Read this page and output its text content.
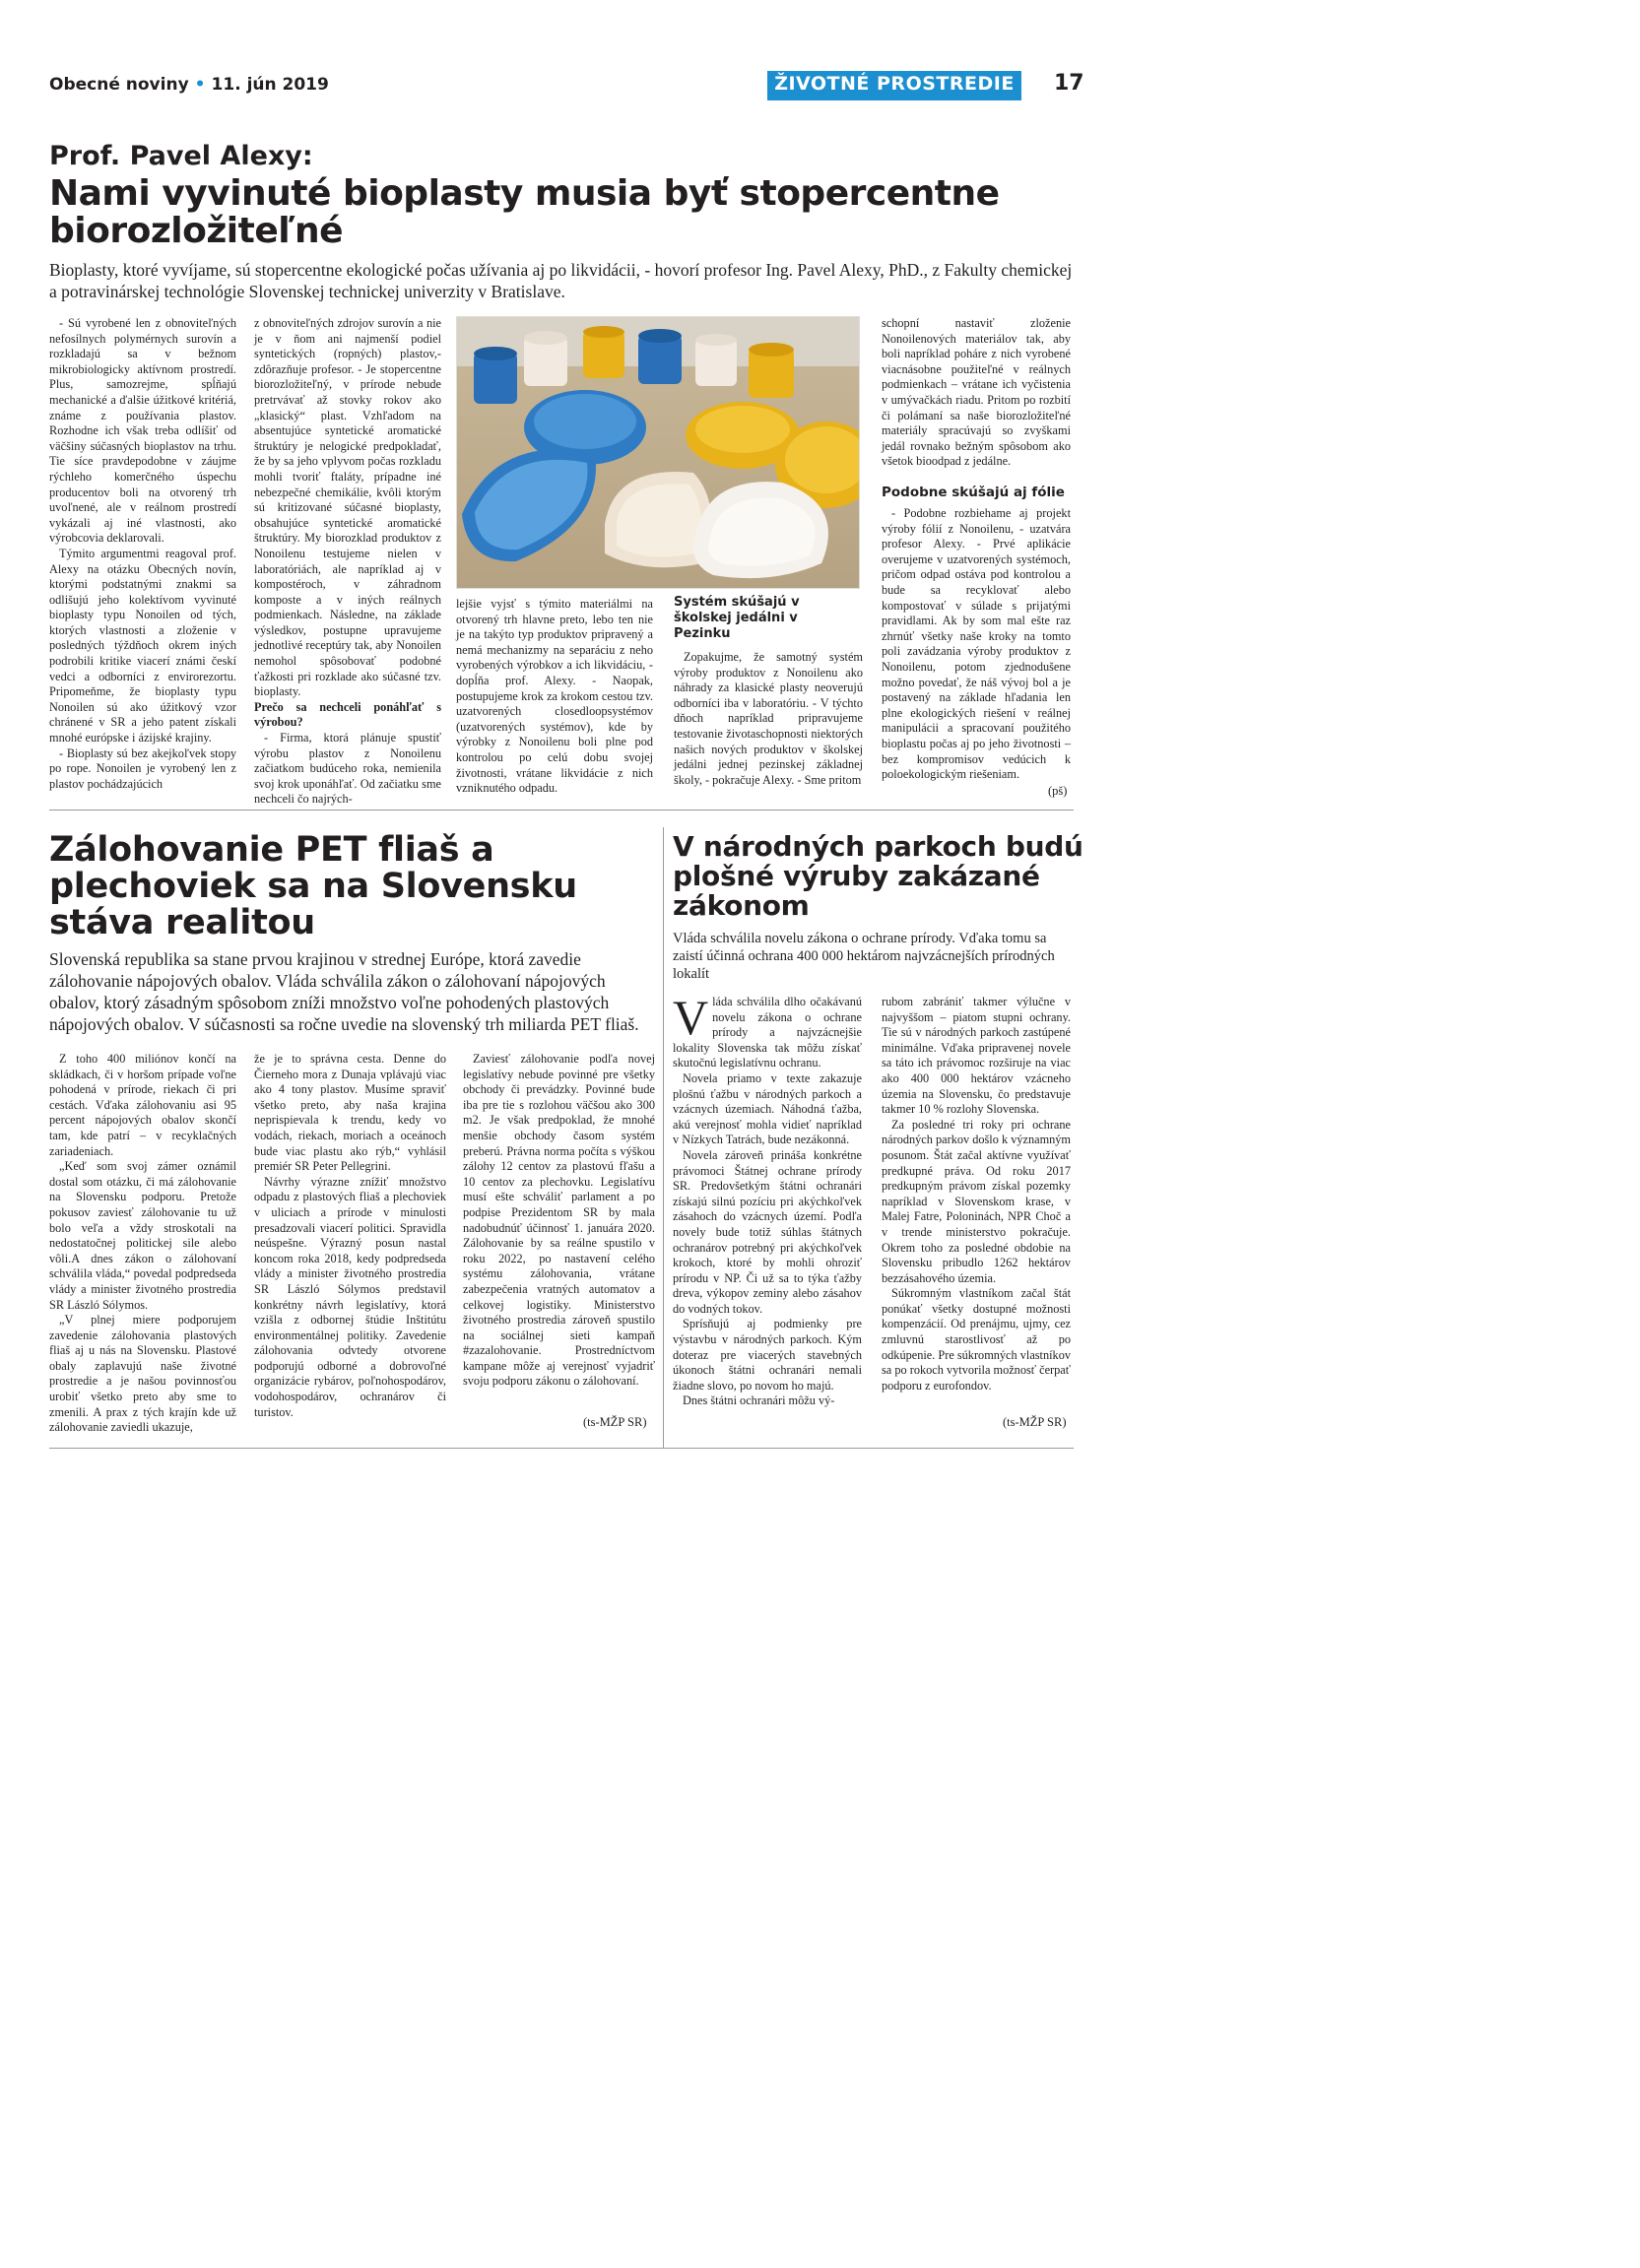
Obecné noviny • 11. jún 2019	ŽIVOTNÉ PROSTREDIE	17
Prof. Pavel Alexy:
Nami vyvinuté bioplasty musia byť stopercentne biorozložiteľné
Bioplasty, ktoré vyvíjame, sú stopercentne ekologické počas užívania aj po likvidácii, - hovorí profesor Ing. Pavel Alexy, PhD., z Fakulty chemickej a potravinárskej technológie Slovenskej technickej univerzity v Bratislave.

- Sú vyrobené len z obnoviteľných nefosílnych polymérnych surovín a rozkladajú sa v bežnom mikrobiologicky aktívnom prostredí. Plus, samozrejme, spĺňajú mechanické a ďalšie úžitkové kritériá, známe z používania plastov. Rozhodne ich však treba odlíšiť od väčšiny súčasných bioplastov na trhu. Tie síce pravdepodobne v záujme rýchleho komerčného úspechu producentov boli na otvorený trh uvoľnené, ale v reálnom prostredí vykázali aj iné vlastnosti, ako výrobcovia deklarovali.

Týmito argumentmi reagoval prof. Alexy na otázku Obecných novín, ktorými podstatnými znakmi sa odlišujú jeho kolektívom vyvinuté bioplasty typu Nonoilen od tých, ktorých vlastnosti a zloženie v posledných týždňoch okrem iných podrobili kritike viacerí známi českí vedci a odborníci z envirorezortu. Pripomeňme, že bioplasty typu Nonoilen sú ako úžitkový vzor chránené v SR a jeho patent získali mnohé európske i ázijské krajiny.

- Bioplasty sú bez akejkoľvek stopy po rope. Nonoilen je vyrobený len z plastov pochádzajúcich

z obnoviteľných zdrojov surovín a nie je v ňom ani najmenší podiel syntetických (ropných) plastov,- zdôrazňuje profesor. - Je stopercentne biorozložiteľný, v prírode nebude pretrvávať až stovky rokov ako „klasický“ plast. Vzhľadom na absentujúce syntetické aromatické štruktúry je nelogické predpokladať, že by sa jeho vplyvom počas rozkladu mohli tvoriť ftaláty, prípadne iné nebezpečné chemikálie, kvôli ktorým sú kritizované súčasné bioplasty, obsahujúce syntetické aromatické štruktúry. My biorozklad produktov z Nonoilenu testujeme nielen v laboratóriách, ale napríklad aj v kompostéroch, v záhradnom komposte a v iných reálnych podmienkach. Následne, na základe výsledkov, postupne upravujeme jednotlivé receptúry tak, aby Nonoilen nemohol spôsobovať podobné ťažkosti pri rozklade ako súčasné tzv. bioplasty.

Prečo sa nechceli ponáhľať s výrobou?

- Firma, ktorá plánuje spustiť výrobu plastov z Nonoilenu začiatkom budúceho roka, nemienila svoj krok uponáhľať. Od začiatku sme nechceli čo najrých-

lejšie vyjsť s týmito materiálmi na otvorený trh hlavne preto, lebo ten nie je na takýto typ produktov pripravený a nemá mechanizmy na separáciu z neho vyrobených výrobkov a ich likvidáciu, - dopĺňa prof. Alexy. - Naopak, postupujeme krok za krokom cestou tzv. uzatvorených closedloopsystémov (uzatvorených systémov), kde by výrobky z Nonoilenu boli plne pod kontrolou po celú dobu svojej životnosti, vrátane likvidácie z nich vzniknutého odpadu.

Systém skúšajú v školskej jedálni v Pezinku

Zopakujme, že samotný systém výroby produktov z Nonoilenu ako náhrady za klasické plasty neoverujú odborníci iba v laboratóriu. - V týchto dňoch napríklad pripravujeme testovanie životaschopnosti niektorých našich nových produktov v školskej jedálni jednej pezinskej základnej školy, - pokračuje Alexy. - Sme pritom

schopní nastaviť zloženie Nonoilenových materiálov tak, aby boli napríklad poháre z nich vyrobené viacnásobne použiteľné v reálnych podmienkach – vrátane ich vyčistenia v umývačkách riadu. Pritom po rozbití či polámaní sa naše biorozložiteľné materiály spracúvajú so zvyškami jedál rovnako bežným spôsobom ako všetok bioodpad z jedálne.

Podobne skúšajú aj fólie

- Podobne rozbiehame aj projekt výroby fólií z Nonoilenu, - uzatvára profesor Alexy. - Prvé aplikácie overujeme v uzatvorených systémoch, pričom odpad ostáva pod kontrolou a bude sa recyklovať alebo kompostovať v súlade s prijatými pravidlami. Ak by som mal ešte raz zhrnúť všetky naše kroky na tomto poli zavádzania výroby produktov z Nonoilenu, potom zjednodušene možno povedať, že náš vývoj bol a je postavený na základe hľadania len plne ekologických riešení v reálnej manipulácii a spracovaní použitého bioplastu počas aj po jeho životnosti – bez kompromisov vedúcich k poloekologickým riešeniam.

(pš)
Zálohovanie PET fliaš a plechoviek sa na Slovensku stáva realitou
Slovenská republika sa stane prvou krajinou v strednej Európe, ktorá zavedie zálohovanie nápojových obalov. Vláda schválila zákon o zálohovaní nápojových obalov, ktorý zásadným spôsobom zníži množstvo voľne pohodených plastových nápojových obalov. V súčasnosti sa ročne uvedie na slovenský trh miliarda PET fliaš.

Z toho 400 miliónov končí na skládkach, či v horšom prípade voľne pohodená v prírode, riekach či pri cestách. Vďaka zálohovaniu asi 95 percent nápojových obalov skončí tam, kde patrí – v recyklačných zariadeniach.

„Keď som svoj zámer oznámil dostal som otázku, či má zálohovanie na Slovensku podporu. Pretože pokusov zaviesť zálohovanie tu už bolo veľa a vždy stroskotali na nedostatočnej politickej sile alebo vôli.A dnes zákon o zálohovaní schválila vláda,“ povedal podpredseda vlády a minister životného prostredia SR László Sólymos.

„V plnej miere podporujem zavedenie zálohovania plastových fliaš aj u nás na Slovensku. Plastové obaly zaplavujú naše životné prostredie a je našou povinnosťou urobiť všetko preto aby sme to zmenili. A prax z tých krajín kde už zálohovanie zaviedli ukazuje,

že je to správna cesta. Denne do Čierneho mora z Dunaja vplávajú viac ako 4 tony plastov. Musíme spraviť všetko preto, aby naša krajina neprispievala k trendu, kedy vo vodách, riekach, moriach a oceánoch bude viac plastu ako rýb,“ vyhlásil premiér SR Peter Pellegrini.

Návrhy výrazne znížiť množstvo odpadu z plastových fliaš a plechoviek v uliciach a prírode v minulosti presadzovali viacerí politici. Spravidla neúspešne. Výrazný posun nastal koncom roka 2018, kedy podpredseda vlády a minister životného prostredia SR László Sólymos predstavil konkrétny návrh legislatívy, ktorá vzišla z odbornej štúdie Inštitútu environmentálnej politiky. Zavedenie zálohovania odvtedy otvorene podporujú odborné a dobrovoľné organizácie rybárov, poľnohospodárov, vodohospodárov, ochranárov či turistov.

Zaviesť zálohovanie podľa novej legislatívy nebude povinné pre všetky obchody či prevádzky. Povinné bude iba pre tie s rozlohou väčšou ako 300 m2. Je však predpoklad, že mnohé menšie obchody časom systém preberú. Právna norma počíta s výškou zálohy 12 centov za plastovú fľašu a 10 centov za plechovku. Legislatívu musí ešte schváliť parlament a po podpise Prezidentom SR by mala nadobudnúť účinnosť 1. januára 2020. Zálohovanie by sa reálne spustilo v roku 2022, po nastavení celého systému zálohovania, vrátane zabezpečenia vratných automatov a celkovej logistiky. Ministerstvo životného prostredia zároveň spustilo na sociálnej sieti kampaň #zazalohovanie. Prostredníctvom kampane môže aj verejnosť vyjadriť svoju podporu zákonu o zálohovaní.

(ts-MŽP SR)
V národných parkoch budú plošné výruby zakázané zákonom
Vláda schválila novelu zákona o ochrane prírody. Vďaka tomu sa zaistí účinná ochrana 400 000 hektárom najvzácnejších prírodných lokalít

Vláda schválila dlho očakávanú novelu zákona o ochrane prírody a najvzácnejšie lokality Slovenska tak môžu získať skutočnú legislatívnu ochranu.

Novela priamo v texte zakazuje plošnú ťažbu v národných parkoch a vzácnych územiach. Náhodná ťažba, akú verejnosť mohla vidieť napríklad v Nízkych Tatrách, bude nezákonná.

Novela zároveň prináša konkrétne právomoci Štátnej ochrane prírody SR. Predovšetkým štátni ochranári získajú silnú pozíciu pri akýchkoľvek zásahoch do vzácnych území. Podľa novely bude totiž súhlas štátnych ochranárov potrebný pri akýchkoľvek krokoch, ktoré by mohli ohroziť prírodu v NP. Či už sa to týka ťažby dreva, výkopov zeminy alebo zásahov do vodných tokov.

Sprísňujú aj podmienky pre výstavbu v národných parkoch. Kým doteraz pre viacerých stavebných úkonoch štátni ochranári nemali žiadne slovo, po novom ho majú.

Dnes štátni ochranári môžu vý-

rubom zabrániť takmer výlučne v najvyššom – piatom stupni ochrany. Tie sú v národných parkoch zastúpené minimálne. Vďaka pripravenej novele sa táto ich právomoc rozširuje na viac ako 400 000 hektárov vzácneho územia na Slovensku, čo predstavuje takmer 10 % rozlohy Slovenska.

Za posledné tri roky pri ochrane národných parkov došlo k významným posunom. Štát začal aktívne využívať predkupné práva. Od roku 2017 predkupným právom získal pozemky napríklad v Slovenskom krase, v Malej Fatre, Poloninách, NPR Choč a v trende ministerstvo pokračuje. Okrem toho za posledné obdobie na Slovensku pribudlo 1262 hektárov bezzásahového územia.

Súkromným vlastníkom začal štát ponúkať všetky dostupné možnosti kompenzácií. Od prenájmu, ujmy, cez zmluvnú starostlivosť až po odkúpenie. Pre súkromných vlastníkov sa po rokoch vytvorila možnosť čerpať podporu z eurofondov.

(ts-MŽP SR)
